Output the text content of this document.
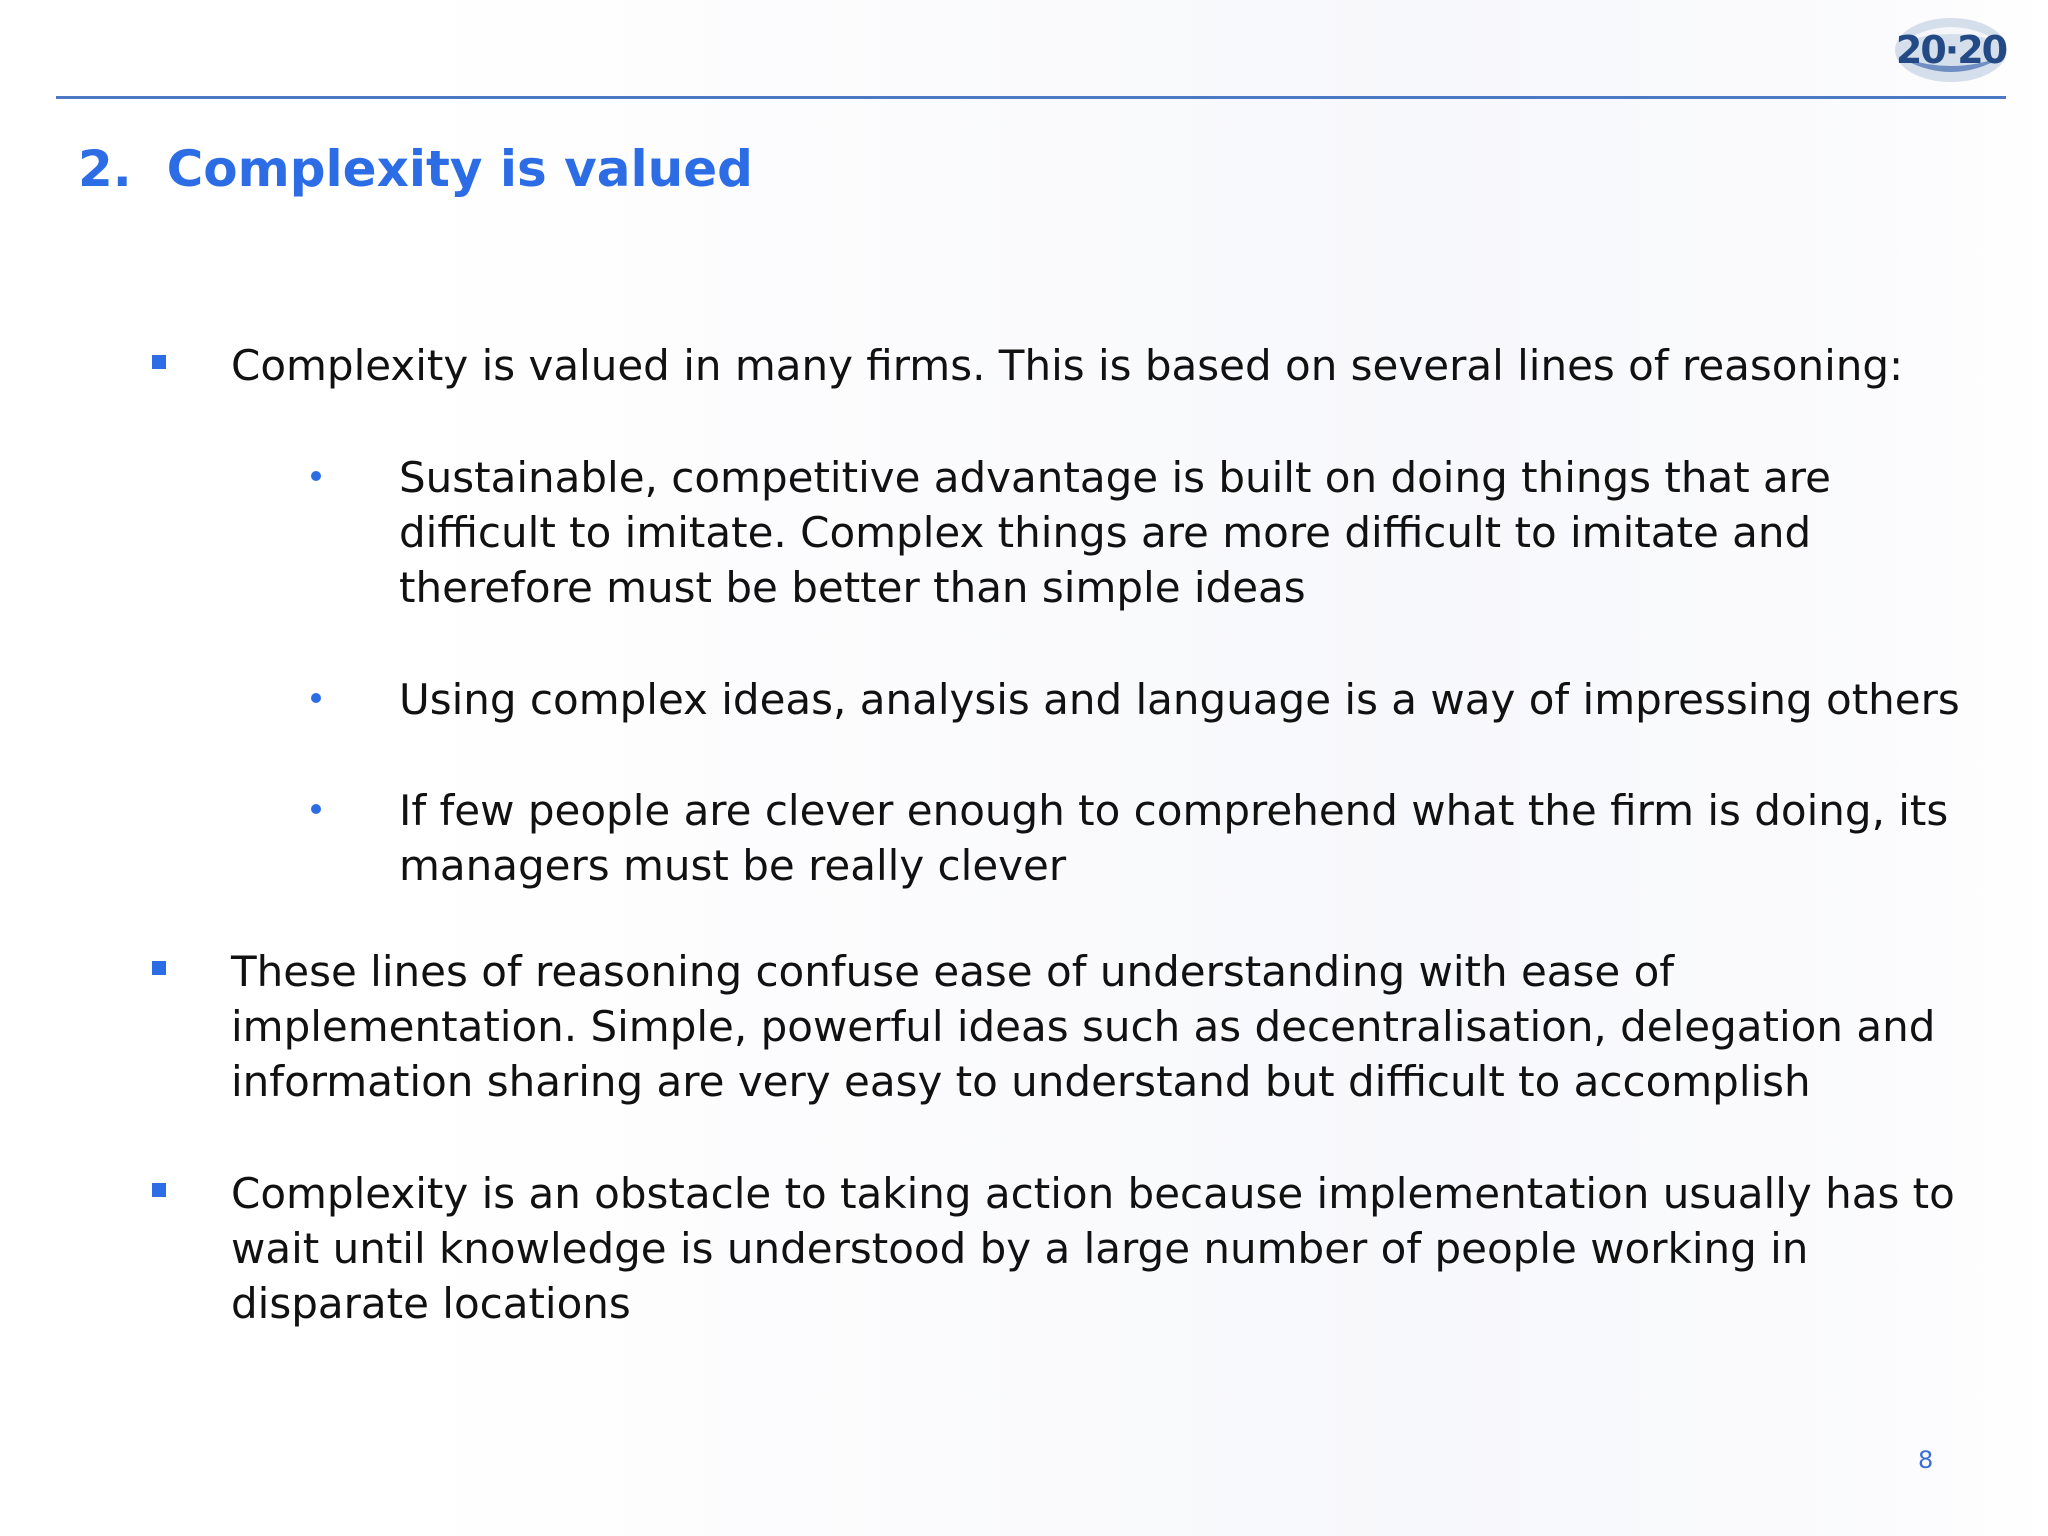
20·20
2.  Complexity is valued
Complexity is valued in many firms. This is based on several lines of reasoning:
Sustainable, competitive advantage is built on doing things that are
difficult to imitate. Complex things are more difficult to imitate and
therefore must be better than simple ideas
Using complex ideas, analysis and language is a way of impressing others
If few people are clever enough to comprehend what the firm is doing, its
managers must be really clever
These lines of reasoning confuse ease of understanding with ease of
implementation. Simple, powerful ideas such as decentralisation, delegation and
information sharing are very easy to understand but difficult to accomplish
Complexity is an obstacle to taking action because implementation usually has to
wait until knowledge is understood by a large number of people working in
disparate locations
8
